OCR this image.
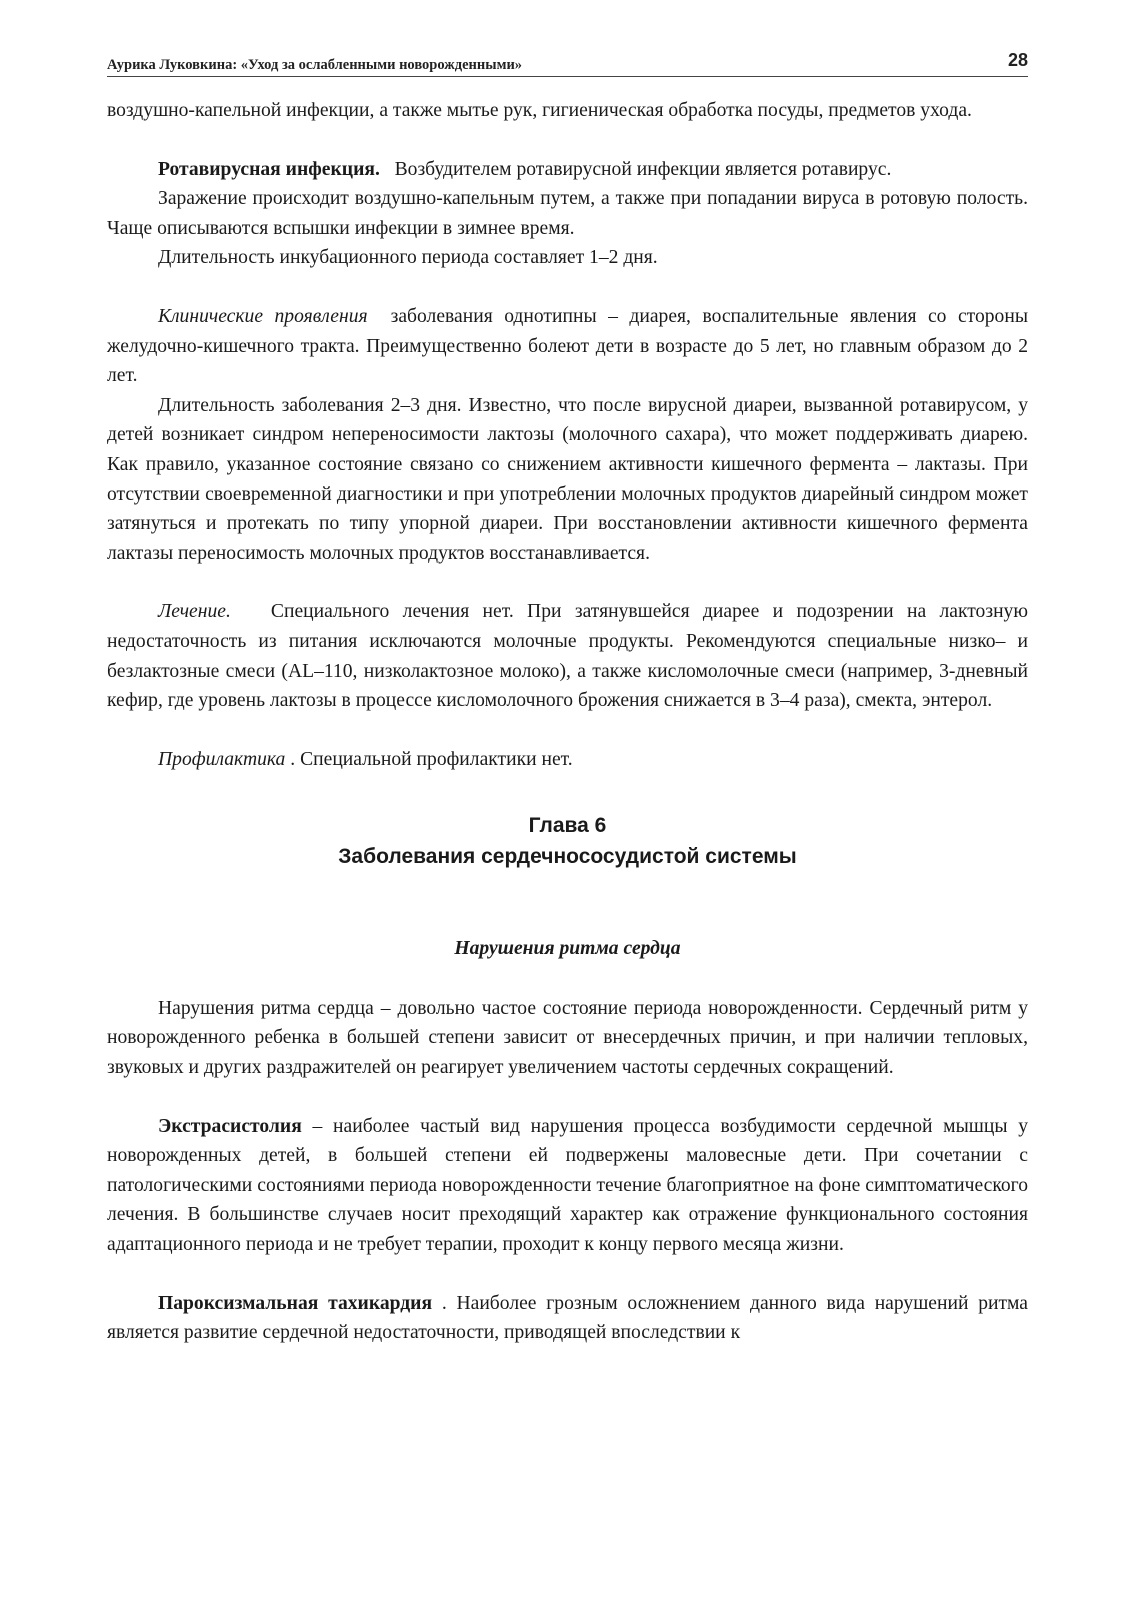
Аурика Луковкина: «Уход за ослабленными новорожденными»	28

воздушно-капельной инфекции, а также мытье рук, гигиеническая обработка посуды, предметов ухода.

Ротавирусная инфекция. Возбудителем ротавирусной инфекции является ротавирус.

Заражение происходит воздушно-капельным путем, а также при попадании вируса в ротовую полость. Чаще описываются вспышки инфекции в зимнее время.

Длительность инкубационного периода составляет 1–2 дня.

Клинические проявления заболевания однотипны – диарея, воспалительные явления со стороны желудочно-кишечного тракта. Преимущественно болеют дети в возрасте до 5 лет, но главным образом до 2 лет.

Длительность заболевания 2–3 дня. Известно, что после вирусной диареи, вызванной ротавирусом, у детей возникает синдром непереносимости лактозы (молочного сахара), что может поддерживать диарею. Как правило, указанное состояние связано со снижением активности кишечного фермента – лактазы. При отсутствии своевременной диагностики и при употреблении молочных продуктов диарейный синдром может затянуться и протекать по типу упорной диареи. При восстановлении активности кишечного фермента лактазы переносимость молочных продуктов восстанавливается.

Лечение. Специального лечения нет. При затянувшейся диарее и подозрении на лактозную недостаточность из питания исключаются молочные продукты. Рекомендуются специальные низко– и безлактозные смеси (AL–110, низколактозное молоко), а также кисломолочные смеси (например, 3-дневный кефир, где уровень лактозы в процессе кисломолочного брожения снижается в 3–4 раза), смекта, энтерол.

Профилактика . Специальной профилактики нет.

Глава 6
Заболевания сердечнососудистой системы
Нарушения ритма сердца

Нарушения ритма сердца – довольно частое состояние периода новорожденности. Сердечный ритм у новорожденного ребенка в большей степени зависит от внесердечных причин, и при наличии тепловых, звуковых и других раздражителей он реагирует увеличением частоты сердечных сокращений.

Экстрасистолия – наиболее частый вид нарушения процесса возбудимости сердечной мышцы у новорожденных детей, в большей степени ей подвержены маловесные дети. При сочетании с патологическими состояниями периода новорожденности течение благоприятное на фоне симптоматического лечения. В большинстве случаев носит преходящий характер как отражение функционального состояния адаптационного периода и не требует терапии, проходит к концу первого месяца жизни.

Пароксизмальная тахикардия . Наиболее грозным осложнением данного вида нарушений ритма является развитие сердечной недостаточности, приводящей впоследствии к
